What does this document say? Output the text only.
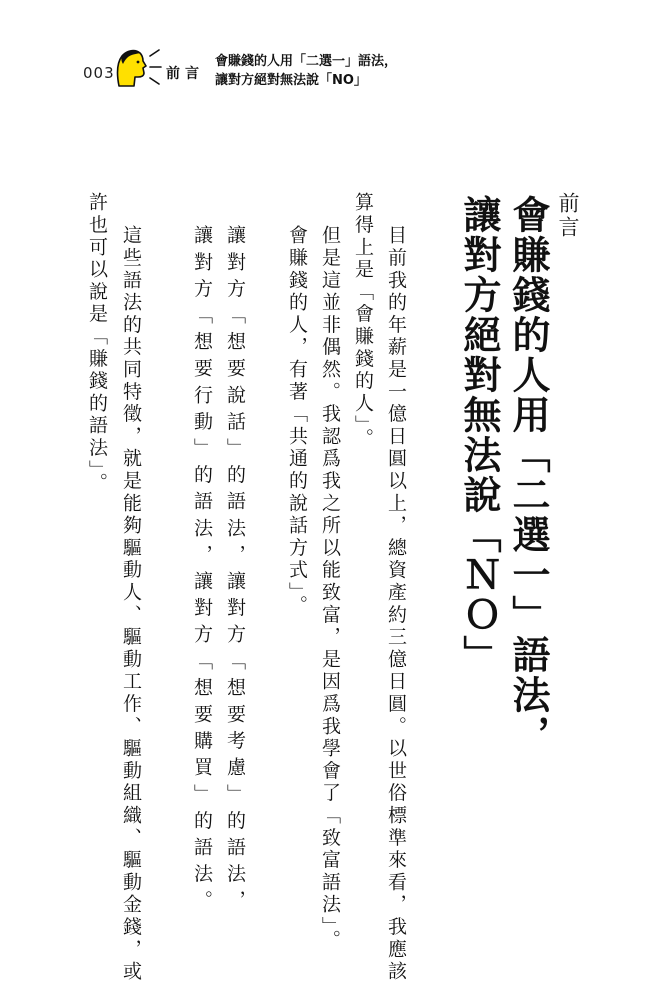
003	前言
會賺錢的人用「二選一」語法，
讓對方絕對無法說「NO」
前言
會賺錢的人用「二選一」語法，
讓對方絕對無法說「ＮＯ」
目前我的年薪是一億日圓以上，總資產約三億日圓。以世俗標準來看，我應該
算得上是「會賺錢的人」。
但是這並非偶然。我認爲我之所以能致富，是因爲我學會了「致富語法」。
會賺錢的人，有著「共通的說話方式」。
讓對方「想要說話」的語法，讓對方「想要考慮」的語法，
讓對方「想要行動」的語法，讓對方「想要購買」的語法。
這些語法的共同特徵，就是能夠驅動人、驅動工作、驅動組織、驅動金錢，或
許也可以說是「賺錢的語法」。
